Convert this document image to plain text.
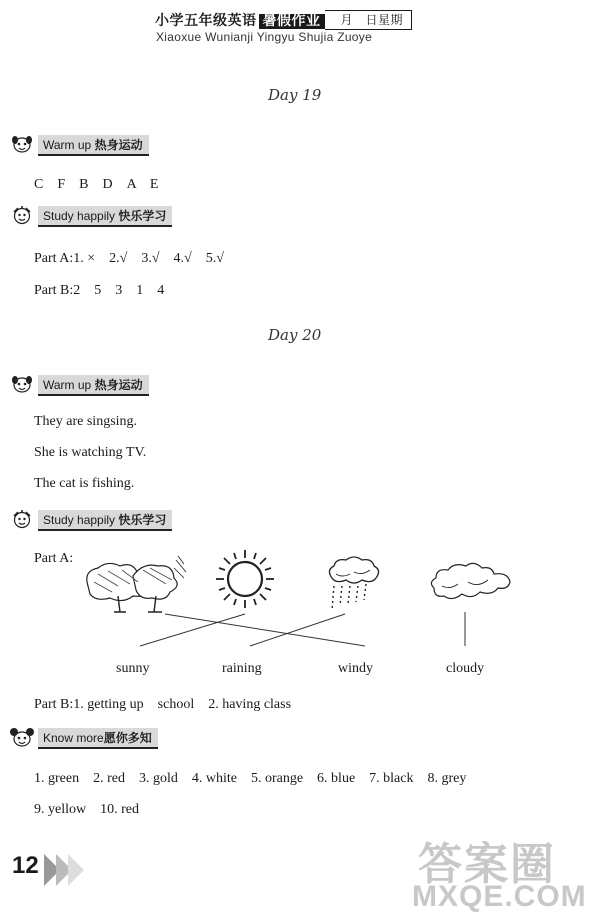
小学五年级英语 暑假作业 月　日星期
Xiaoxue Wunianji Yingyu Shujia Zuoye
Day 19
Warm up 热身运动
C　F　B　D　A　E
Study happily 快乐学习
Part A:1. ×　2.√　3.√　4.√　5.√
Part B:2　5　3　1　4
Day 20
Warm up 热身运动
They are singsing.
She is watching TV.
The cat is fishing.
Study happily 快乐学习
Part A:
sunny	raining	windy	cloudy
Part B:1. getting up　school　2. having class
Know more愿你多知
1. green　2. red　3. gold　4. white　5. orange　6. blue　7. black　8. grey
9. yellow　10. red
12	答案圈
MXQE.COM
